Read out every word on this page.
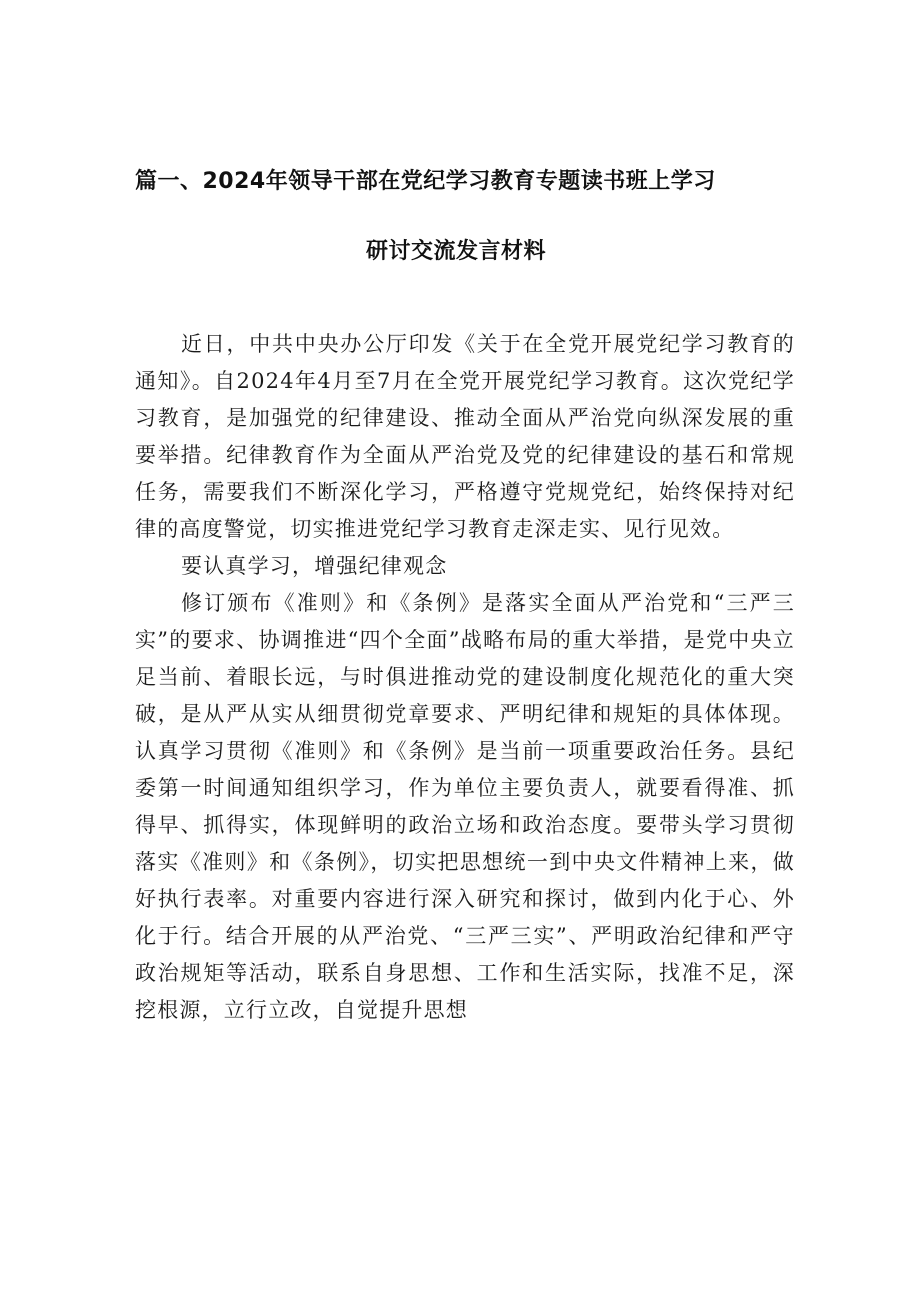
篇一、2024年领导干部在党纪学习教育专题读书班上学习
研讨交流发言材料

近日，中共中央办公厅印发《关于在全党开展党纪学习教育的通知》。自2024年4月至7月在全党开展党纪学习教育。这次党纪学习教育，是加强党的纪律建设、推动全面从严治党向纵深发展的重要举措。纪律教育作为全面从严治党及党的纪律建设的基石和常规任务，需要我们不断深化学习，严格遵守党规党纪，始终保持对纪律的高度警觉，切实推进党纪学习教育走深走实、见行见效。

要认真学习，增强纪律观念

修订颁布《准则》和《条例》是落实全面从严治党和“三严三实”的要求、协调推进“四个全面”战略布局的重大举措，是党中央立足当前、着眼长远，与时俱进推动党的建设制度化规范化的重大突破，是从严从实从细贯彻党章要求、严明纪律和规矩的具体体现。认真学习贯彻《准则》和《条例》是当前一项重要政治任务。县纪委第一时间通知组织学习，作为单位主要负责人，就要看得准、抓得早、抓得实，体现鲜明的政治立场和政治态度。要带头学习贯彻落实《准则》和《条例》，切实把思想统一到中央文件精神上来，做好执行表率。对重要内容进行深入研究和探讨，做到内化于心、外化于行。结合开展的从严治党、“三严三实”、严明政治纪律和严守政治规矩等活动，联系自身思想、工作和生活实际，找准不足，深挖根源，立行立改，自觉提升思想
